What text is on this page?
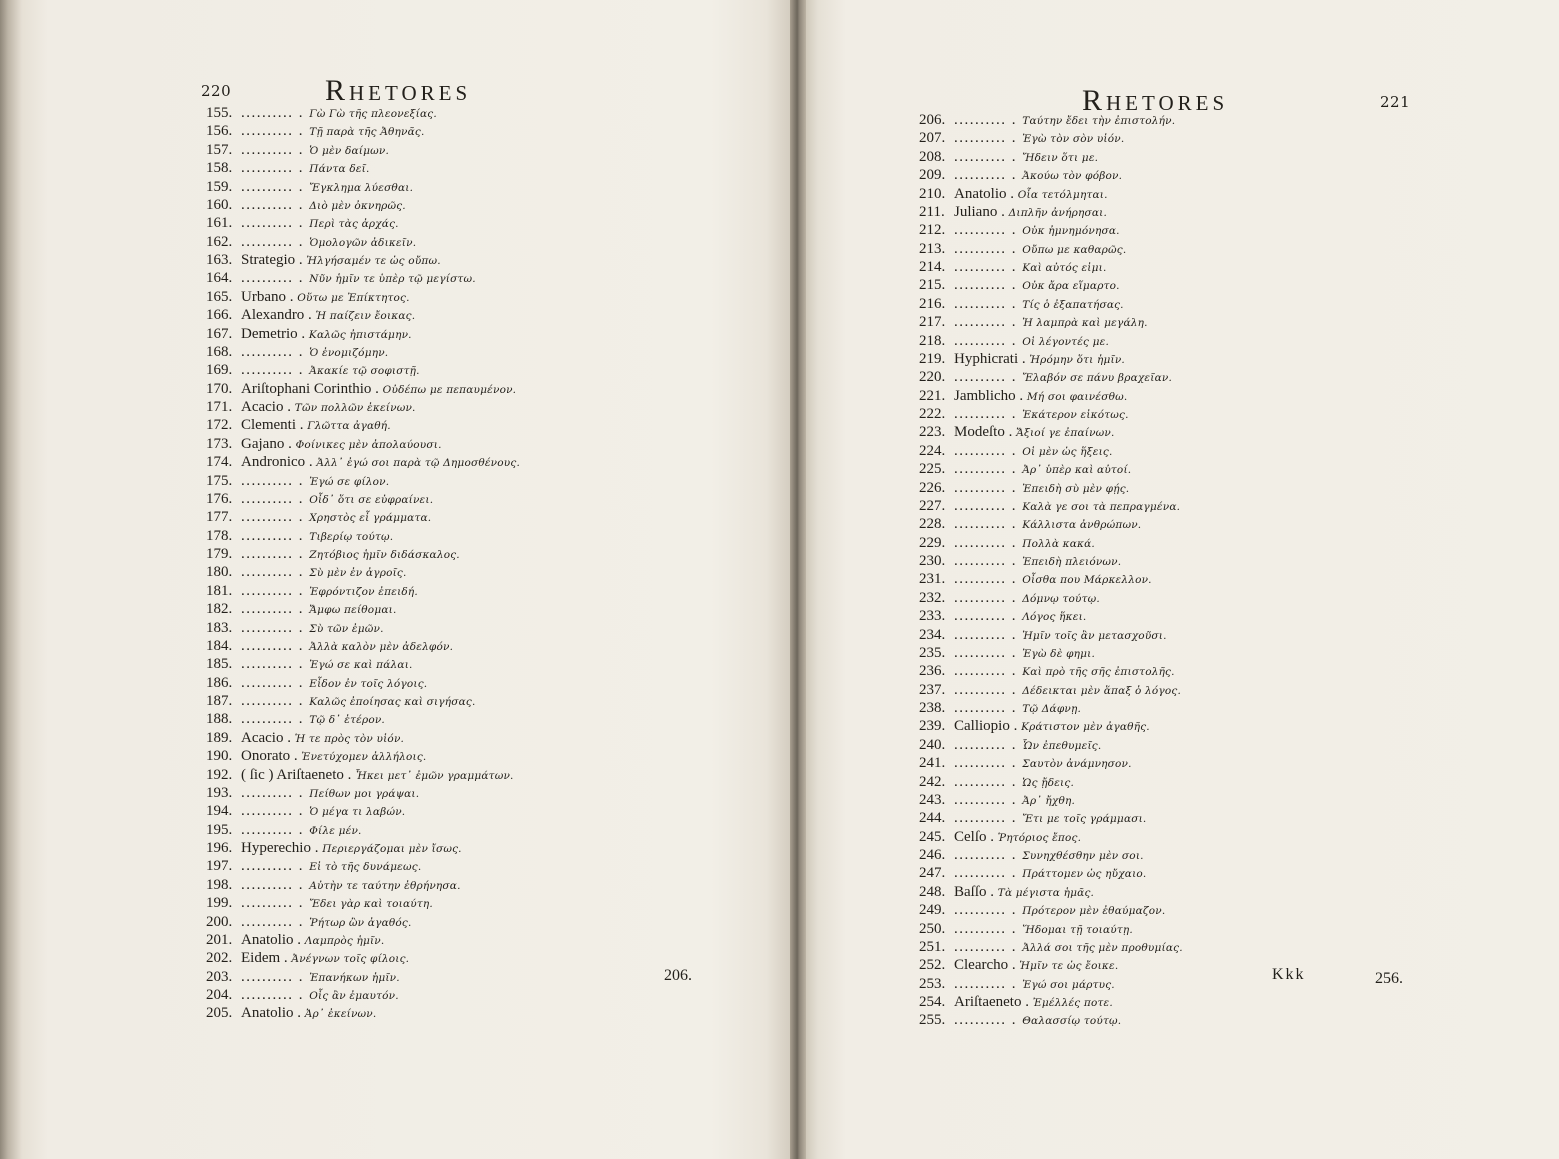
220	RHETORES
155. .......... . Γὼ Γὼ τῆς πλεονεξίας.
156. .......... . Τῇ παρὰ τῆς Ἀθηνᾶς.
157. .......... . Ὁ μὲν δαίμων.
158. .......... . Πάντα δεῖ.
159. .......... . Ἔγκλημα λύεσθαι.
160. .......... . Διὸ μὲν ὀκνηρῶς.
161. .......... . Περὶ τὰς ἀρχάς.
162. .......... . Ὁμολογῶν ἀδικεῖν.
163. Strategio . Ἠλγήσαμέν τε ὡς οὔπω.
164. .......... . Νῦν ἡμῖν τε ὑπὲρ τῷ μεγίστω.
165. Urbano . Οὕτω με Ἐπίκτητος.
166. Alexandro . Ἡ παίζειν ἔοικας.
167. Demetrio . Καλῶς ἠπιστάμην.
168. .......... . Ὁ ἐνομιζόμην.
169. .......... . Ἀκακίε τῷ σοφιστῇ.
170. Ariſtophani Corinthio . Οὐδέπω με πεπαυμένον.
171. Acacio . Τῶν πολλῶν ἐκείνων.
172. Clementi . Γλῶττα ἀγαθή.
173. Gajano . Φοίνικες μὲν ἀπολαύουσι.
174. Andronico . Ἀλλ᾽ ἐγώ σοι παρὰ τῷ Δημοσθένους.
175. .......... . Ἐγώ σε φίλον.
176. .......... . Οἶδ᾽ ὅτι σε εὐφραίνει.
177. .......... . Χρηστὸς εἶ γράμματα.
178. .......... . Τιβερίῳ τούτῳ.
179. .......... . Ζητόβιος ἡμῖν διδάσκαλος.
180. .......... . Σὺ μὲν ἐν ἀγροῖς.
181. .......... . Ἐφρόντιζον ἐπειδή.
182. .......... . Ἄμφω πείθομαι.
183. .......... . Σὺ τῶν ἐμῶν.
184. .......... . Ἀλλὰ καλὸν μὲν ἀδελφόν.
185. .......... . Ἐγώ σε καὶ πάλαι.
186. .......... . Εἶδον ἐν τοῖς λόγοις.
187. .......... . Καλῶς ἐποίησας καὶ σιγήσας.
188. .......... . Τῷ δ᾽ ἑτέρον.
189. Acacio . Ἡ τε πρὸς τὸν υἱόν.
190. Onorato . Ἐνετύχομεν ἀλλήλοις.
192. ( ſic ) Ariſtaeneto . Ἧκει μετ᾽ ἐμῶν γραμμάτων.
193. .......... . Πείθων μοι γράψαι.
194. .......... . Ὁ μέγα τι λαβών.
195. .......... . Φίλε μέν.
196. Hyperechio . Περιεργάζομαι μὲν ἴσως.
197. .......... . Εἰ τὸ τῆς δυνάμεως.
198. .......... . Αὐτὴν τε ταύτην ἐθρήνησα.
199. .......... . Ἔδει γὰρ καὶ τοιαύτη.
200. .......... . Ῥήτωρ ὢν ἀγαθός.
201. Anatolio . Λαμπρὸς ἡμῖν.
202. Eidem . Ἀνέγνων τοῖς φίλοις.
203. .......... . Ἐπανήκων ἡμῖν.
204. .......... . Οἷς ἂν ἐμαυτόν.
205. Anatolio . Ἀρ᾽ ἐκείνων.
206.
RHETORES	221
206. .......... . Ταύτην ἔδει τὴν ἐπιστολήν.
207. .......... . Ἐγὼ τὸν σὸν υἱόν.
208. .......... . Ἤδειν ὅτι με.
209. .......... . Ἀκούω τὸν φόβον.
210. Anatolio . Οἷα τετόλμηται.
211. Juliano . Διπλῆν ἀνήρησαι.
212. .......... . Οὐκ ἠμνημόνησα.
213. .......... . Οὔπω με καθαρῶς.
214. .......... . Καὶ αὐτός εἰμι.
215. .......... . Οὐκ ἄρα εἵμαρτο.
216. .......... . Τίς ὁ ἐξαπατήσας.
217. .......... . Ἡ λαμπρὰ καὶ μεγάλη.
218. .......... . Οἱ λέγοντές με.
219. Hyphicrati . Ἠρόμην ὅτι ἡμῖν.
220. .......... . Ἔλαβόν σε πάνυ βραχεῖαν.
221. Jamblicho . Μή σοι φαινέσθω.
222. .......... . Ἑκάτερον εἰκότως.
223. Modeſto . Ἄξιοί γε ἐπαίνων.
224. .......... . Οἱ μὲν ὡς ἥξεις.
225. .......... . Ἀρ᾽ ὑπὲρ καὶ αὐτοί.
226. .......... . Ἐπειδὴ σὺ μὲν φῄς.
227. .......... . Καλὰ γε σοι τὰ πεπραγμένα.
228. .......... . Κάλλιστα ἀνθρώπων.
229. .......... . Πολλὰ κακά.
230. .......... . Ἐπειδὴ πλειόνων.
231. .......... . Οἶσθα που Μάρκελλον.
232. .......... . Δόμνῳ τούτῳ.
233. .......... . Λόγος ἥκει.
234. .......... . Ἡμῖν τοῖς ἂν μετασχοῦσι.
235. .......... . Ἐγὼ δὲ φημι.
236. .......... . Καὶ πρὸ τῆς σῆς ἐπιστολῆς.
237. .......... . Δέδεικται μὲν ἅπαξ ὁ λόγος.
238. .......... . Τῷ Δάφνῃ.
239. Calliopio . Κράτιστον μὲν ἀγαθῆς.
240. .......... . Ὧν ἐπεθυμεῖς.
241. .......... . Σαυτὸν ἀνάμνησον.
242. .......... . Ὡς ᾔδεις.
243. .......... . Ἀρ᾽ ἤχθη.
244. .......... . Ἔτι με τοῖς γράμμασι.
245. Celſo . Ῥητόριος ἔπος.
246. .......... . Συνηχθέσθην μὲν σοι.
247. .......... . Πράττομεν ὡς ηὔχαιο.
248. Baſſo . Τὰ μέγιστα ἡμᾶς.
249. .......... . Πρότερον μὲν ἐθαύμαζον.
250. .......... . Ἥδομαι τῇ τοιαύτῃ.
251. .......... . Ἀλλά σοι τῆς μὲν προθυμίας.
252. Clearcho . Ἡμῖν τε ὡς ἔοικε.
253. .......... . Ἐγώ σοι μάρτυς.
254. Ariſtaeneto . Ἐμέλλές ποτε.
255. .......... . Θαλασσίῳ τούτῳ.
Kkk	256.
